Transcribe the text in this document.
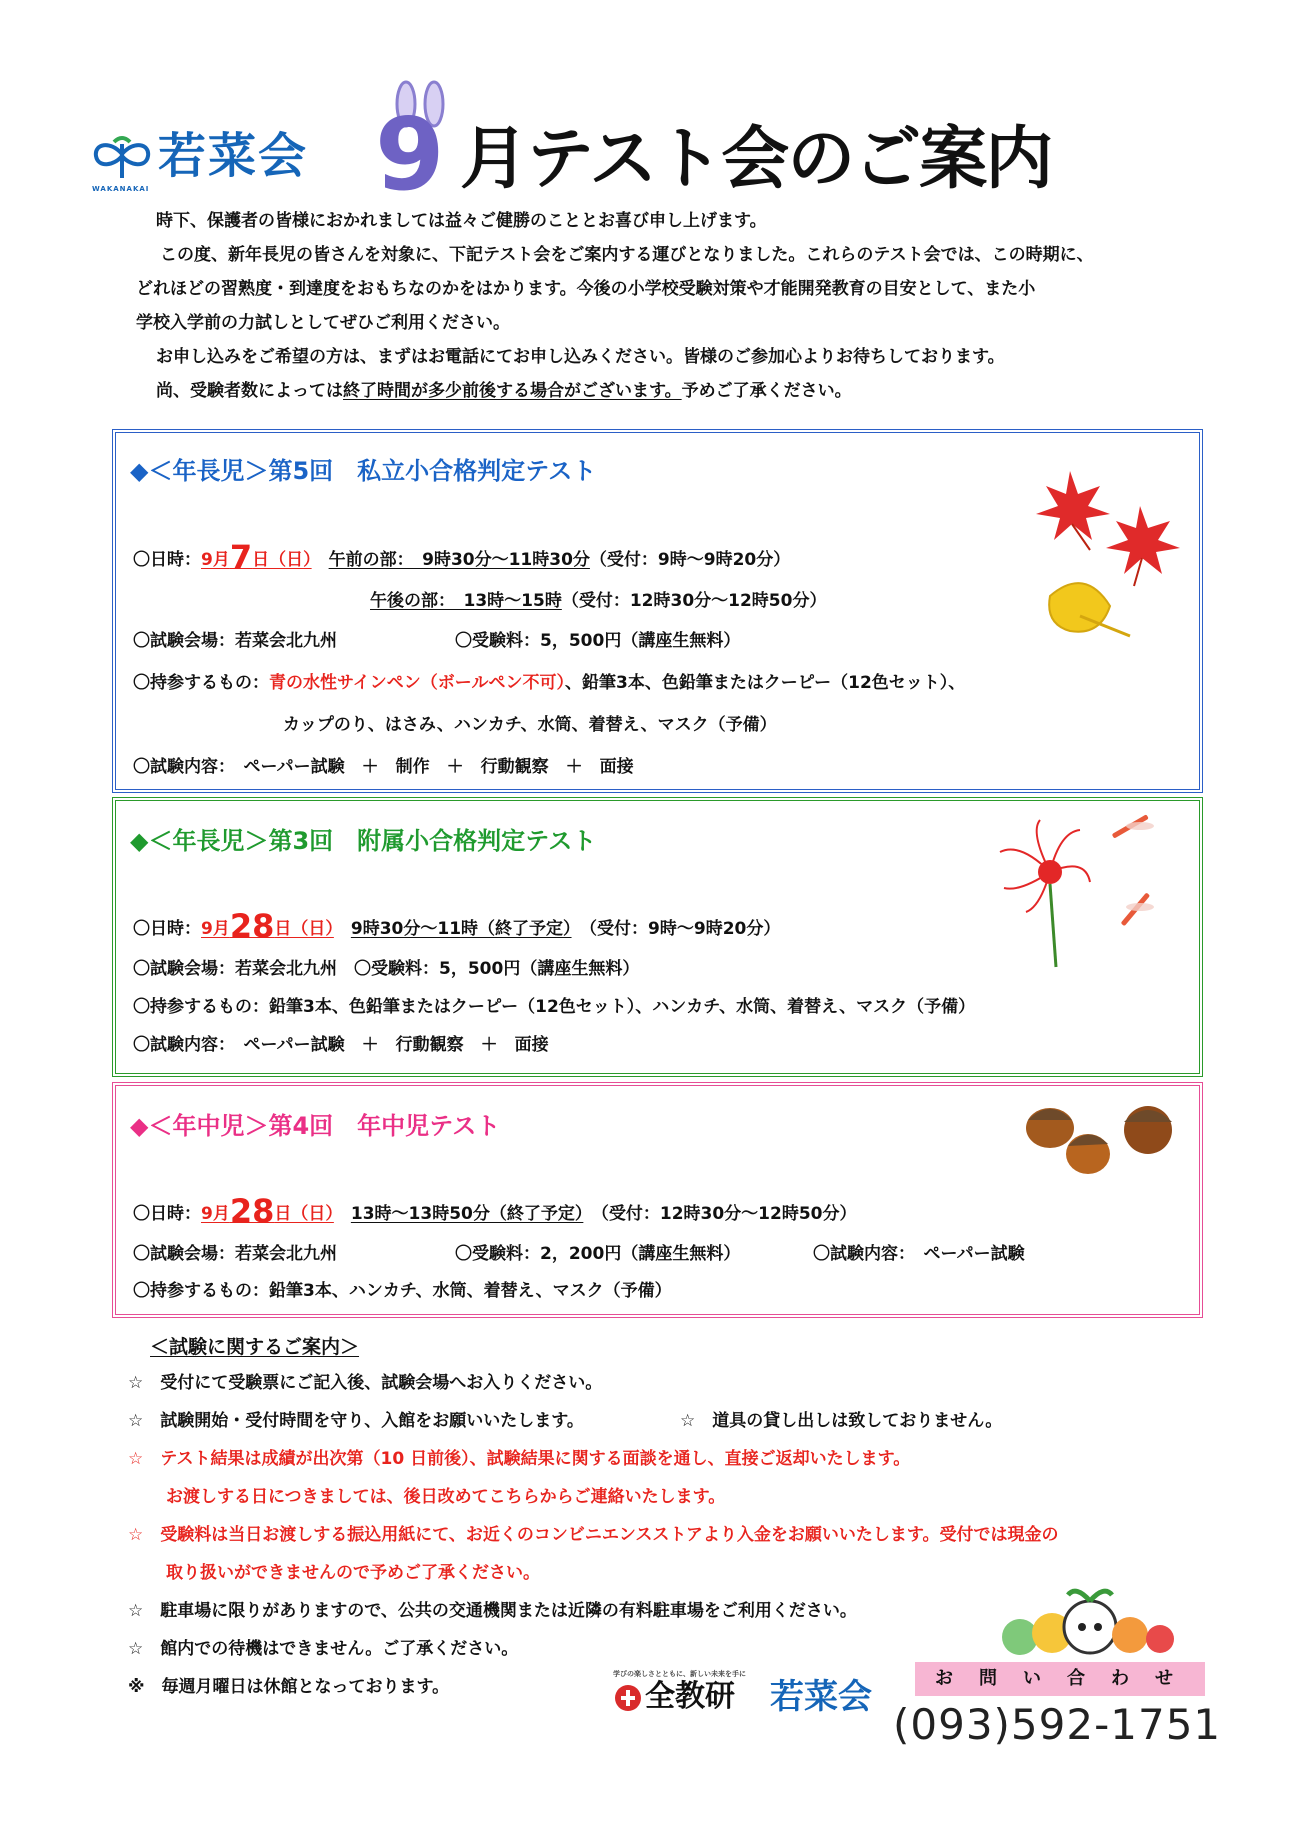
若菜会
WAKANAKAI 9 月テスト会のご案内
時下、保護者の皆様におかれましては益々ご健勝のこととお喜び申し上げます。
この度、新年長児の皆さんを対象に、下記テスト会をご案内する運びとなりました。これらのテスト会では、この時期に、
どれほどの習熟度・到達度をおもちなのかをはかります。今後の小学校受験対策や才能開発教育の目安として、また小
学校入学前の力試しとしてぜひご利用ください。
お申し込みをご希望の方は、まずはお電話にてお申し込みください。皆様のご参加心よりお待ちしております。
尚、受験者数によっては終了時間が多少前後する場合がございます。予めご了承ください。
◆＜年長児＞第5回　私立小合格判定テスト
〇日時：9月7日（日）　 午前の部：　9時30分～11時30分（受付：9時～9時20分）
午後の部：　13時～15時（受付：12時30分～12時50分）
〇試験会場：若菜会北九州	〇受験料：5，500円（講座生無料）
〇持参するもの：青の水性サインペン（ボールペン不可）、鉛筆3本、色鉛筆またはクーピー（12色セット）、
カップのり、はさみ、ハンカチ、水筒、着替え、マスク（予備）
〇試験内容：　ペーパー試験　＋　制作　＋　行動観察　＋　面接
◆＜年長児＞第3回　附属小合格判定テスト
〇日時：9月28日（日）　 9時30分～11時（終了予定）　 （受付：9時～9時20分）
〇試験会場：若菜会北九州　〇受験料：5，500円（講座生無料）
〇持参するもの：鉛筆3本、色鉛筆またはクーピー（12色セット）、ハンカチ、水筒、着替え、マスク（予備）
〇試験内容：　ペーパー試験　＋　行動観察　＋　面接
◆＜年中児＞第4回　年中児テスト
〇日時：9月28日（日）　 13時～13時50分（終了予定）　 （受付：12時30分～12時50分）
〇試験会場：若菜会北九州	〇受験料：2，200円（講座生無料）	〇試験内容：　ペーパー試験
〇持参するもの：鉛筆3本、ハンカチ、水筒、着替え、マスク（予備）
＜試験に関するご案内＞
☆　受付にて受験票にご記入後、試験会場へお入りください。
☆　試験開始・受付時間を守り、入館をお願いいたします。	☆　道具の貸し出しは致しておりません。
☆　テスト結果は成績が出次第（10 日前後）、試験結果に関する面談を通し、直接ご返却いたします。
お渡しする日につきましては、後日改めてこちらからご連絡いたします。
☆　受験料は当日お渡しする振込用紙にて、お近くのコンビニエンスストアより入金をお願いいたします。受付では現金の
取り扱いができませんので予めご了承ください。
☆　駐車場に限りがありますので、公共の交通機関または近隣の有料駐車場をご利用ください。
☆　館内での待機はできません。ご了承ください。
※　毎週月曜日は休館となっております。
学びの楽しさとともに、新しい未来を手に
全教研 若菜会	お　問　い　合　わ　せ
(093)592-1751
